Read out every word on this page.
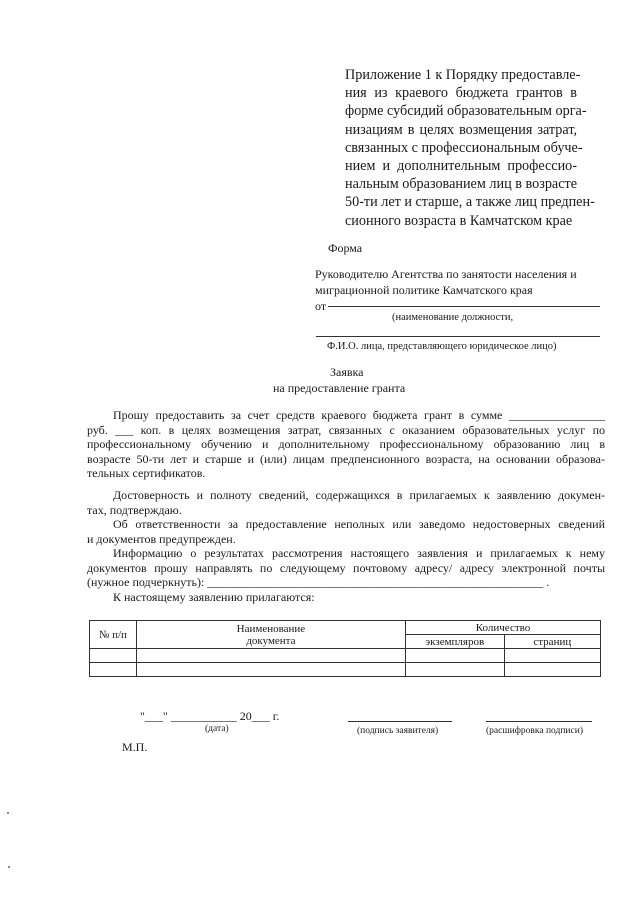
Приложение 1 к Порядку предоставле-
ния из краевого бюджета грантов в
форме субсидий образовательным орга-
низациям в целях возмещения затрат,
связанных с профессиональным обуче-
нием и дополнительным профессио-
нальным образованием лиц в возрасте
50-ти лет и старше, а также лиц предпен-
сионного возраста в Камчатском крае
Форма
Руководителю Агентства по занятости населения и
миграционной политике Камчатского края
от
(наименование должности,
Ф.И.О. лица, представляющего юридическое лицо)
Заявка
на предоставление гранта
Прошу предоставить за счет средств краевого бюджета грант в сумме ________________
руб. ___ коп. в целях возмещения затрат, связанных с оказанием образовательных услуг по
профессиональному обучению и дополнительному профессиональному образованию лиц в
возрасте 50-ти лет и старше и (или) лицам предпенсионного возраста, на основании образова-
тельных сертификатов.
Достоверность и полноту сведений, содержащихся в прилагаемых к заявлению докумен-
тах, подтверждаю.
Об ответственности за предоставление неполных или заведомо недостоверных сведений
и документов предупрежден.
Информацию о результатах рассмотрения настоящего заявления и прилагаемых к нему
документов прошу направлять по следующему почтовому адресу/ адресу электронной почты
(нужное подчеркнуть): ________________________________________________________ .
К настоящему заявлению прилагаются:
№ п/п	Наименование документа	Количество	
		экземпляров	страниц

"___" ___________ 20___ г.
(дата)	(подпись заявителя)	(расшифровка подписи)
М.П.
